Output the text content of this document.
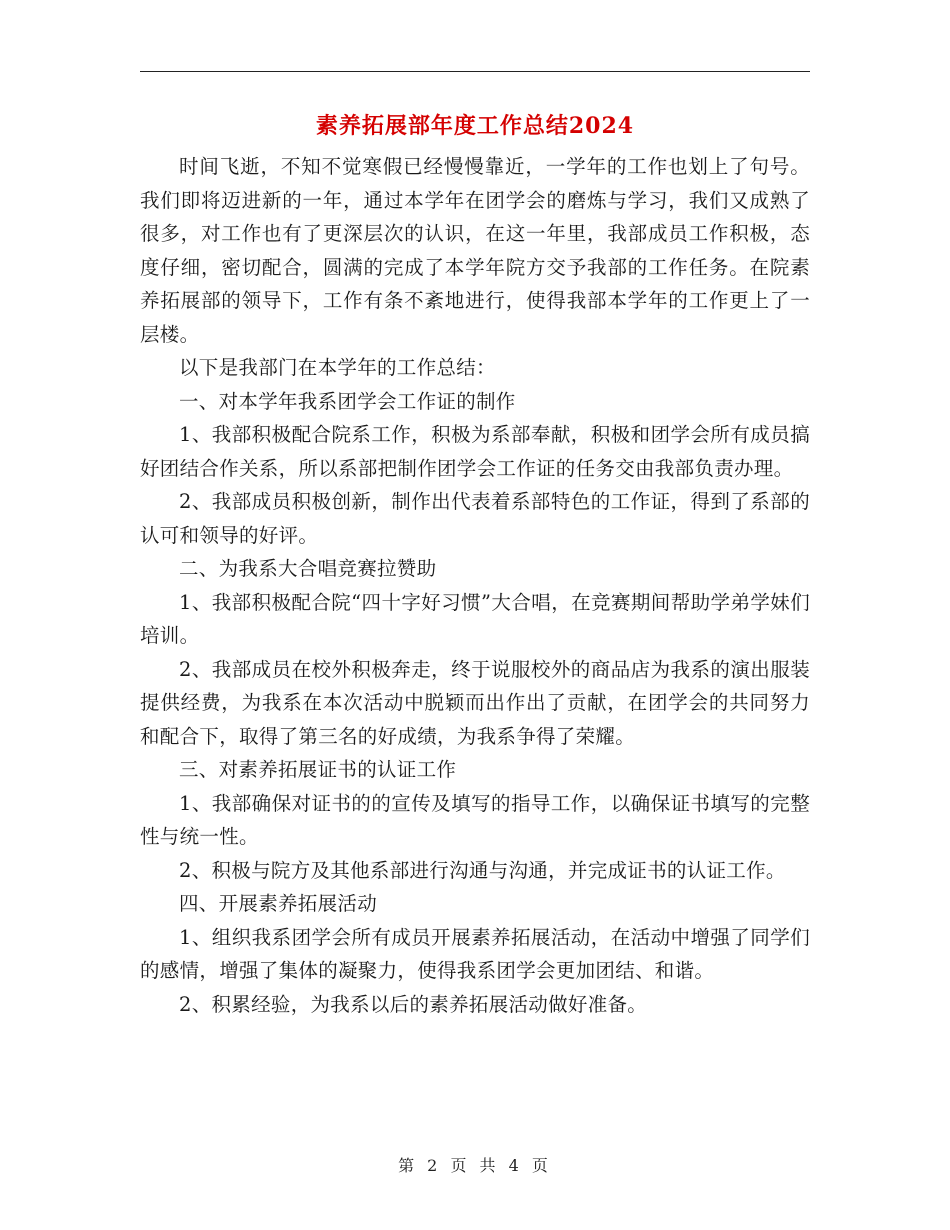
素养拓展部年度工作总结2024

时间飞逝，不知不觉寒假已经慢慢靠近，一学年的工作也划上了句号。我们即将迈进新的一年，通过本学年在团学会的磨炼与学习，我们又成熟了很多，对工作也有了更深层次的认识，在这一年里，我部成员工作积极，态度仔细，密切配合，圆满的完成了本学年院方交予我部的工作任务。在院素养拓展部的领导下，工作有条不紊地进行，使得我部本学年的工作更上了一层楼。

以下是我部门在本学年的工作总结：

一、对本学年我系团学会工作证的制作

1、我部积极配合院系工作，积极为系部奉献，积极和团学会所有成员搞好团结合作关系，所以系部把制作团学会工作证的任务交由我部负责办理。

2、我部成员积极创新，制作出代表着系部特色的工作证，得到了系部的认可和领导的好评。

二、为我系大合唱竞赛拉赞助

1、我部积极配合院“四十字好习惯”大合唱，在竞赛期间帮助学弟学妹们培训。

2、我部成员在校外积极奔走，终于说服校外的商品店为我系的演出服装提供经费，为我系在本次活动中脱颖而出作出了贡献，在团学会的共同努力和配合下，取得了第三名的好成绩，为我系争得了荣耀。

三、对素养拓展证书的认证工作

1、我部确保对证书的的宣传及填写的指导工作，以确保证书填写的完整性与统一性。

2、积极与院方及其他系部进行沟通与沟通，并完成证书的认证工作。

四、开展素养拓展活动

1、组织我系团学会所有成员开展素养拓展活动，在活动中增强了同学们的感情，增强了集体的凝聚力，使得我系团学会更加团结、和谐。

2、积累经验，为我系以后的素养拓展活动做好准备。

第 2 页 共 4 页
